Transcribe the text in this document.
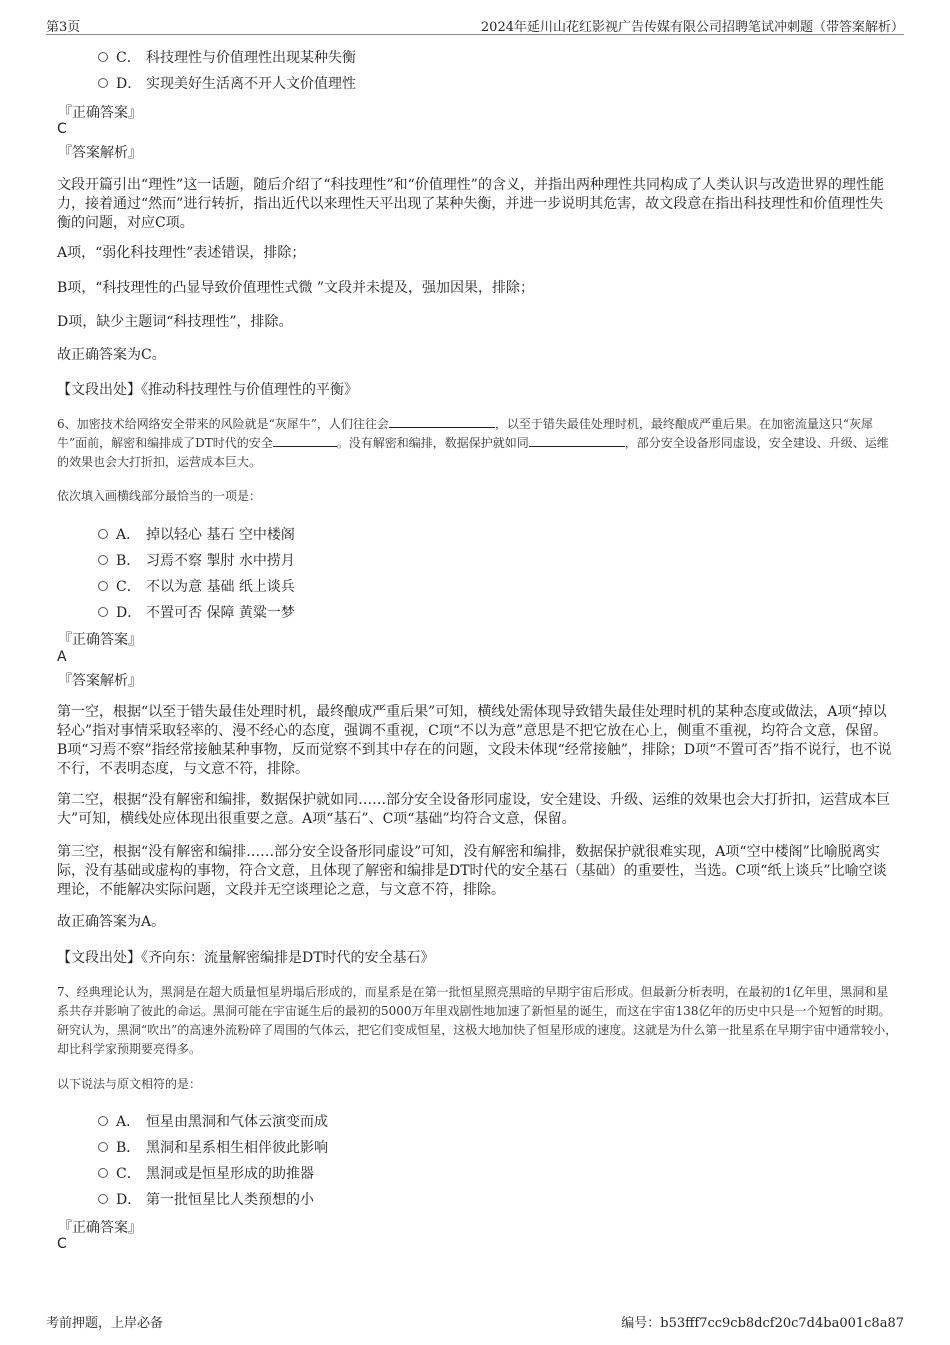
第3页	2024年延川山花红影视广告传媒有限公司招聘笔试冲刺题（带答案解析）
C． 科技理性与价值理性出现某种失衡
D． 实现美好生活离不开人文价值理性
『正确答案』
C
『答案解析』
文段开篇引出“理性”这一话题，随后介绍了“科技理性”和“价值理性”的含义，并指出两种理性共同构成了人类认识与改造世界的理性能力，接着通过“然而”进行转折，指出近代以来理性天平出现了某种失衡，并进一步说明其危害，故文段意在指出科技理性和价值理性失衡的问题，对应C项。
A项，“弱化科技理性”表述错误，排除；
B项，“科技理性的凸显导致价值理性式微 ”文段并未提及，强加因果，排除；
D项，缺少主题词“科技理性”，排除。
故正确答案为C。
【文段出处】《推动科技理性与价值理性的平衡》
6、加密技术给网络安全带来的风险就是“灰犀牛”，人们往往会	，以至于错失最佳处理时机，最终酿成严重后果。在加密流量这只“灰犀牛”面前，解密和编排成了DT时代的安全	。没有解密和编排，数据保护就如同	，部分安全设备形同虚设，安全建设、升级、运维的效果也会大打折扣，运营成本巨大。
依次填入画横线部分最恰当的一项是：
A． 掉以轻心 基石 空中楼阁
B． 习焉不察 掣肘 水中捞月
C． 不以为意 基础 纸上谈兵
D． 不置可否 保障 黄粱一梦
『正确答案』
A
『答案解析』
第一空，根据“以至于错失最佳处理时机，最终酿成严重后果”可知，横线处需体现导致错失最佳处理时机的某种态度或做法，A项“掉以轻心”指对事情采取轻率的、漫不经心的态度，强调不重视，C项“不以为意”意思是不把它放在心上，侧重不重视，均符合文意，保留。B项“习焉不察”指经常接触某种事物，反而觉察不到其中存在的问题，文段未体现“经常接触”，排除；D项“不置可否”指不说行，也不说不行，不表明态度，与文意不符，排除。
第二空，根据“没有解密和编排，数据保护就如同……部分安全设备形同虚设，安全建设、升级、运维的效果也会大打折扣，运营成本巨大”可知，横线处应体现出很重要之意。A项“基石”、C项“基础”均符合文意，保留。
第三空，根据“没有解密和编排……部分安全设备形同虚设”可知，没有解密和编排，数据保护就很难实现，A项“空中楼阁”比喻脱离实际，没有基础或虚构的事物，符合文意，且体现了解密和编排是DT时代的安全基石（基础）的重要性，当选。C项“纸上谈兵”比喻空谈理论，不能解决实际问题，文段并无空谈理论之意，与文意不符，排除。
故正确答案为A。
【文段出处】《齐向东：流量解密编排是DT时代的安全基石》
7、经典理论认为，黑洞是在超大质量恒星坍塌后形成的，而星系是在第一批恒星照亮黑暗的早期宇宙后形成。但最新分析表明，在最初的1亿年里，黑洞和星系共存并影响了彼此的命运。黑洞可能在宇宙诞生后的最初的5000万年里戏剧性地加速了新恒星的诞生，而这在宇宙138亿年的历史中只是一个短暂的时期。研究认为，黑洞“吹出”的高速外流粉碎了周围的气体云，把它们变成恒星，这极大地加快了恒星形成的速度。这就是为什么第一批星系在早期宇宙中通常较小，却比科学家预期要亮得多。
以下说法与原文相符的是：
A． 恒星由黑洞和气体云演变而成
B． 黑洞和星系相生相伴彼此影响
C． 黑洞或是恒星形成的助推器
D． 第一批恒星比人类预想的小
『正确答案』
C
考前押题，上岸必备	编号：b53fff7cc9cb8dcf20c7d4ba001c8a87
